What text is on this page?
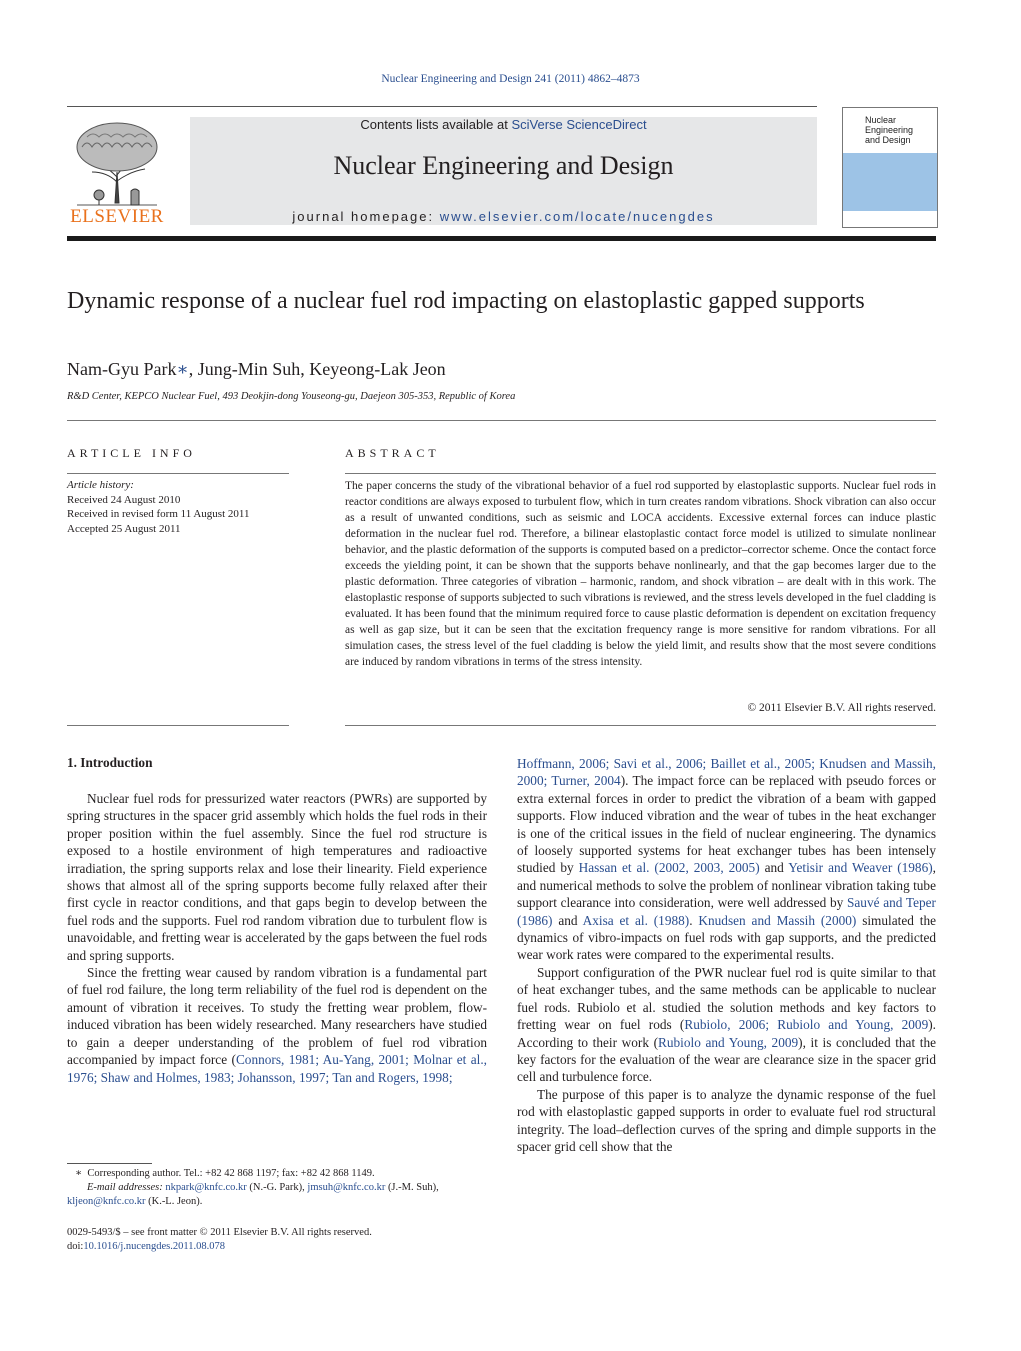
Nuclear Engineering and Design 241 (2011) 4862–4873
ELSEVIER
Contents lists available at SciVerse ScienceDirect
Nuclear Engineering and Design
journal homepage: www.elsevier.com/locate/nucengdes
Nuclear Engineering and Design
Dynamic response of a nuclear fuel rod impacting on elastoplastic gapped supports
Nam-Gyu Park∗, Jung-Min Suh, Keyeong-Lak Jeon
R&D Center, KEPCO Nuclear Fuel, 493 Deokjin-dong Youseong-gu, Daejeon 305-353, Republic of Korea
ARTICLE INFO
Article history:
Received 24 August 2010
Received in revised form 11 August 2011
Accepted 25 August 2011
ABSTRACT
The paper concerns the study of the vibrational behavior of a fuel rod supported by elastoplastic supports. Nuclear fuel rods in reactor conditions are always exposed to turbulent flow, which in turn creates random vibrations. Shock vibration can also occur as a result of unwanted conditions, such as seismic and LOCA accidents. Excessive external forces can induce plastic deformation in the nuclear fuel rod. Therefore, a bilinear elastoplastic contact force model is utilized to simulate nonlinear behavior, and the plastic deformation of the supports is computed based on a predictor–corrector scheme. Once the contact force exceeds the yielding point, it can be shown that the supports behave nonlinearly, and that the gap becomes larger due to the plastic deformation. Three categories of vibration – harmonic, random, and shock vibration – are dealt with in this work. The elastoplastic response of supports subjected to such vibrations is reviewed, and the stress levels developed in the fuel cladding is evaluated. It has been found that the minimum required force to cause plastic deformation is dependent on excitation frequency as well as gap size, but it can be seen that the excitation frequency range is more sensitive for random vibrations. For all simulation cases, the stress level of the fuel cladding is below the yield limit, and results show that the most severe conditions are induced by random vibrations in terms of the stress intensity.
© 2011 Elsevier B.V. All rights reserved.
1. Introduction

Nuclear fuel rods for pressurized water reactors (PWRs) are supported by spring structures in the spacer grid assembly which holds the fuel rods in their proper position within the fuel assembly. Since the fuel rod structure is exposed to a hostile environment of high temperatures and radioactive irradiation, the spring supports relax and lose their linearity. Field experience shows that almost all of the spring supports become fully relaxed after their first cycle in reactor conditions, and that gaps begin to develop between the fuel rods and the supports. Fuel rod random vibration due to turbulent flow is unavoidable, and fretting wear is accelerated by the gaps between the fuel rods and spring supports.

Since the fretting wear caused by random vibration is a fundamental part of fuel rod failure, the long term reliability of the fuel rod is dependent on the amount of vibration it receives. To study the fretting wear problem, flow-induced vibration has been widely researched. Many researchers have studied to gain a deeper understanding of the problem of fuel rod vibration accompanied by impact force (Connors, 1981; Au-Yang, 2001; Molnar et al., 1976; Shaw and Holmes, 1983; Johansson, 1997; Tan and Rogers, 1998;

Hoffmann, 2006; Savi et al., 2006; Baillet et al., 2005; Knudsen and Massih, 2000; Turner, 2004). The impact force can be replaced with pseudo forces or extra external forces in order to predict the vibration of a beam with gapped supports. Flow induced vibration and the wear of tubes in the heat exchanger is one of the critical issues in the field of nuclear engineering. The dynamics of loosely supported systems for heat exchanger tubes has been intensely studied by Hassan et al. (2002, 2003, 2005) and Yetisir and Weaver (1986), and numerical methods to solve the problem of nonlinear vibration taking tube support clearance into consideration, were well addressed by Sauvé and Teper (1986) and Axisa et al. (1988). Knudsen and Massih (2000) simulated the dynamics of vibro-impacts on fuel rods with gap supports, and the predicted wear work rates were compared to the experimental results.

Support configuration of the PWR nuclear fuel rod is quite similar to that of heat exchanger tubes, and the same methods can be applicable to nuclear fuel rods. Rubiolo et al. studied the solution methods and key factors to fretting wear on fuel rods (Rubiolo, 2006; Rubiolo and Young, 2009). According to their work (Rubiolo and Young, 2009), it is concluded that the key factors for the evaluation of the wear are clearance size in the spacer grid cell and turbulence force.

The purpose of this paper is to analyze the dynamic response of the fuel rod with elastoplastic gapped supports in order to evaluate fuel rod structural integrity. The load–deflection curves of the spring and dimple supports in the spacer grid cell show that the

∗ Corresponding author. Tel.: +82 42 868 1197; fax: +82 42 868 1149.
E-mail addresses: nkpark@knfc.co.kr (N.-G. Park), jmsuh@knfc.co.kr (J.-M. Suh),
kljeon@knfc.co.kr (K.-L. Jeon).
0029-5493/$ – see front matter © 2011 Elsevier B.V. All rights reserved.
doi:10.1016/j.nucengdes.2011.08.078
